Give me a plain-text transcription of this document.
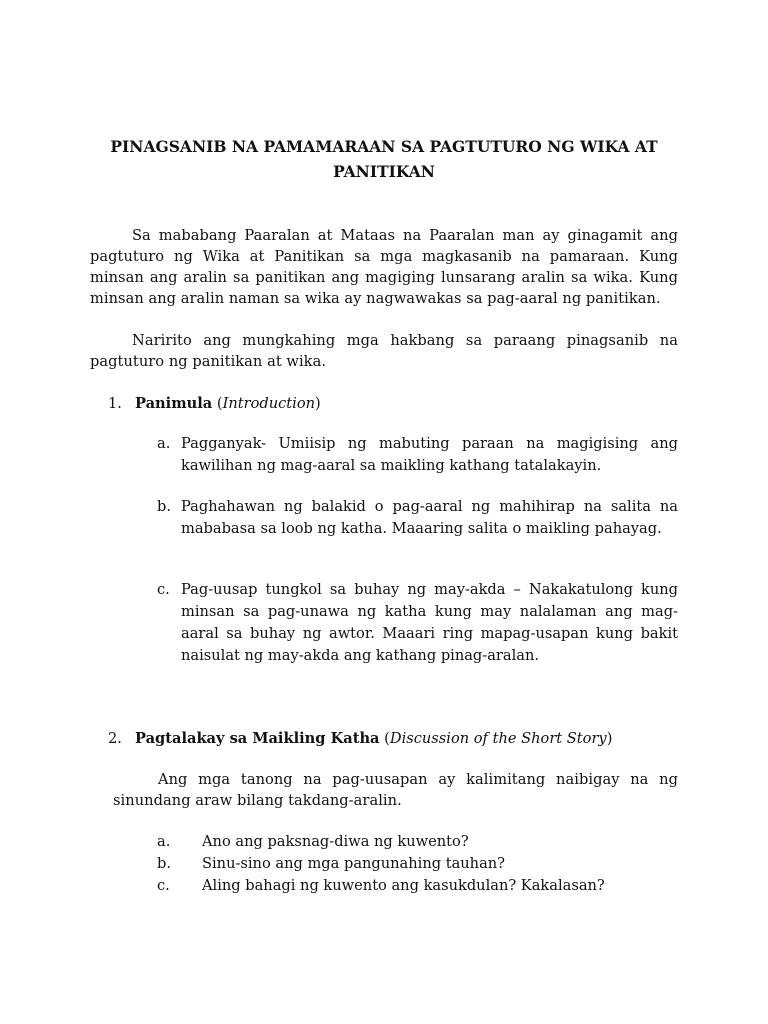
PINAGSANIB NA PAMAMARAAN SA PAGTUTURO NG WIKA AT PANITIKAN

Sa mababang Paaralan at Mataas na Paaralan man ay ginagamit ang pagtuturo ng Wika at Panitikan sa mga magkasanib na pamaraan. Kung minsan ang aralin sa panitikan ang magiging lunsarang aralin sa wika. Kung minsan ang aralin naman sa wika ay nagwawakas sa pag-aaral ng panitikan.

Naririto ang mungkahing mga hakbang sa paraang pinagsanib na pagtuturo ng panitikan at wika.

1. Panimula (Introduction)

a. Pagganyak- Umiisip ng mabuting paraan na magigising ang kawilihan ng mag-aaral sa maikling kathang tatalakayin.
b. Paghahawan ng balakid o pag-aaral ng mahihirap na salita na mababasa sa loob ng katha. Maaaring salita o maikling pahayag.
c. Pag-uusap tungkol sa buhay ng may-akda – Nakakatulong kung minsan sa pag-unawa ng katha kung may nalalaman ang mag-aaral sa buhay ng awtor. Maaari ring mapag-usapan kung bakit naisulat ng may-akda ang kathang pinag-aralan.

2. Pagtalakay sa Maikling Katha (Discussion of the Short Story)

Ang mga tanong na pag-uusapan ay kalimitang naibigay na ng sinundang araw bilang takdang-aralin.

a. Ano ang paksnag-diwa ng kuwento?
b. Sinu-sino ang mga pangunahing tauhan?
c. Aling bahagi ng kuwento ang kasukdulan? Kakalasan?
